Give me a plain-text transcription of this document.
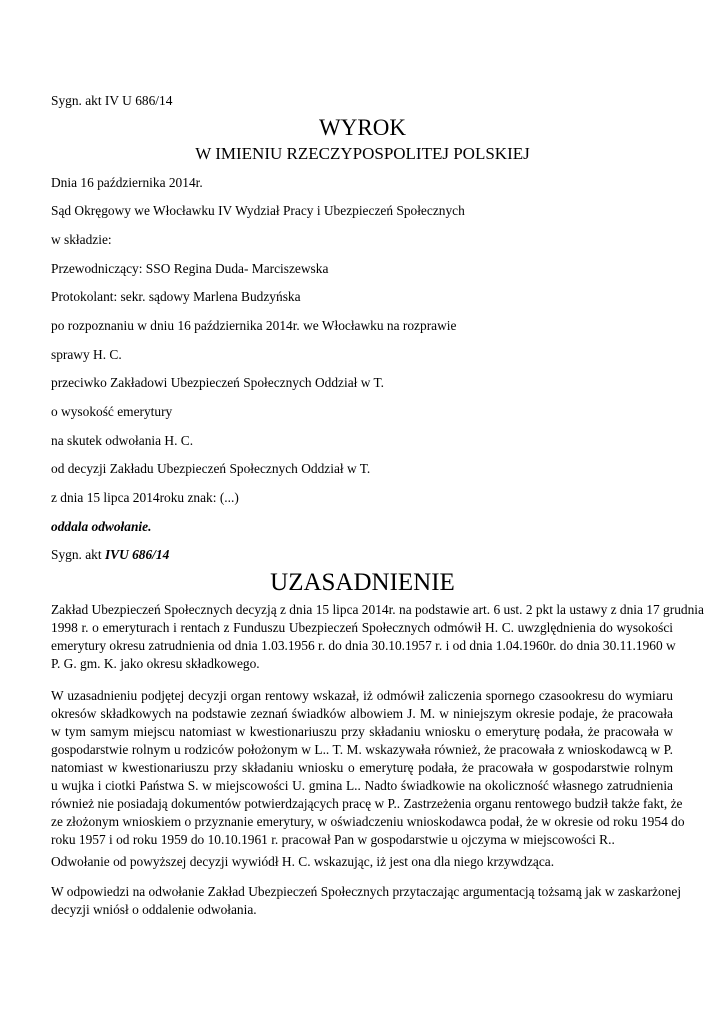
Sygn. akt IV U 686/14
WYROK
W IMIENIU RZECZYPOSPOLITEJ POLSKIEJ
Dnia 16 października 2014r.
Sąd Okręgowy we Włocławku IV Wydział Pracy i Ubezpieczeń Społecznych
w składzie:
Przewodniczący: SSO Regina Duda- Marciszewska
Protokolant: sekr. sądowy Marlena Budzyńska
po rozpoznaniu w dniu 16 października 2014r. we Włocławku na rozprawie
sprawy H. C.
przeciwko Zakładowi Ubezpieczeń Społecznych Oddział w T.
o wysokość emerytury
na skutek odwołania H. C.
od decyzji Zakładu Ubezpieczeń Społecznych Oddział w T.
z dnia 15 lipca 2014roku znak: (...)
oddala odwołanie.
Sygn. akt IVU 686/14
UZASADNIENIE
Zakład Ubezpieczeń Społecznych decyzją z dnia 15 lipca 2014r. na podstawie art. 6 ust. 2 pkt la ustawy z dnia 17 grudnia
1998 r. o emeryturach i rentach z Funduszu Ubezpieczeń Społecznych odmówił H. C. uwzględnienia do wysokości
emerytury okresu zatrudnienia od dnia 1.03.1956 r. do dnia 30.10.1957 r. i od dnia 1.04.1960r. do dnia 30.11.1960 w
P. G. gm. K. jako okresu składkowego.
W uzasadnieniu podjętej decyzji organ rentowy wskazał, iż odmówił zaliczenia spornego czasookresu do wymiaru
okresów składkowych na podstawie zeznań świadków albowiem J. M. w niniejszym okresie podaje, że pracowała
w tym samym miejscu natomiast w kwestionariuszu przy składaniu wniosku o emeryturę podała, że pracowała w
gospodarstwie rolnym u rodziców położonym w L.. T. M. wskazywała również, że pracowała z wnioskodawcą w P.
natomiast w kwestionariuszu przy składaniu wniosku o emeryturę podała, że pracowała w gospodarstwie rolnym
u wujka i ciotki Państwa S. w miejscowości U. gmina L.. Nadto świadkowie na okoliczność własnego zatrudnienia
również nie posiadają dokumentów potwierdzających pracę w P.. Zastrzeżenia organu rentowego budził także fakt, że
ze złożonym wnioskiem o przyznanie emerytury, w oświadczeniu wnioskodawca podał, że w okresie od roku 1954 do
roku 1957 i od roku 1959 do 10.10.1961 r. pracował Pan w gospodarstwie u ojczyma w miejscowości R..
Odwołanie od powyższej decyzji wywiódł H. C. wskazując, iż jest ona dla niego krzywdząca.
W odpowiedzi na odwołanie Zakład Ubezpieczeń Społecznych przytaczając argumentacją tożsamą jak w zaskarżonej
decyzji wniósł o oddalenie odwołania.
